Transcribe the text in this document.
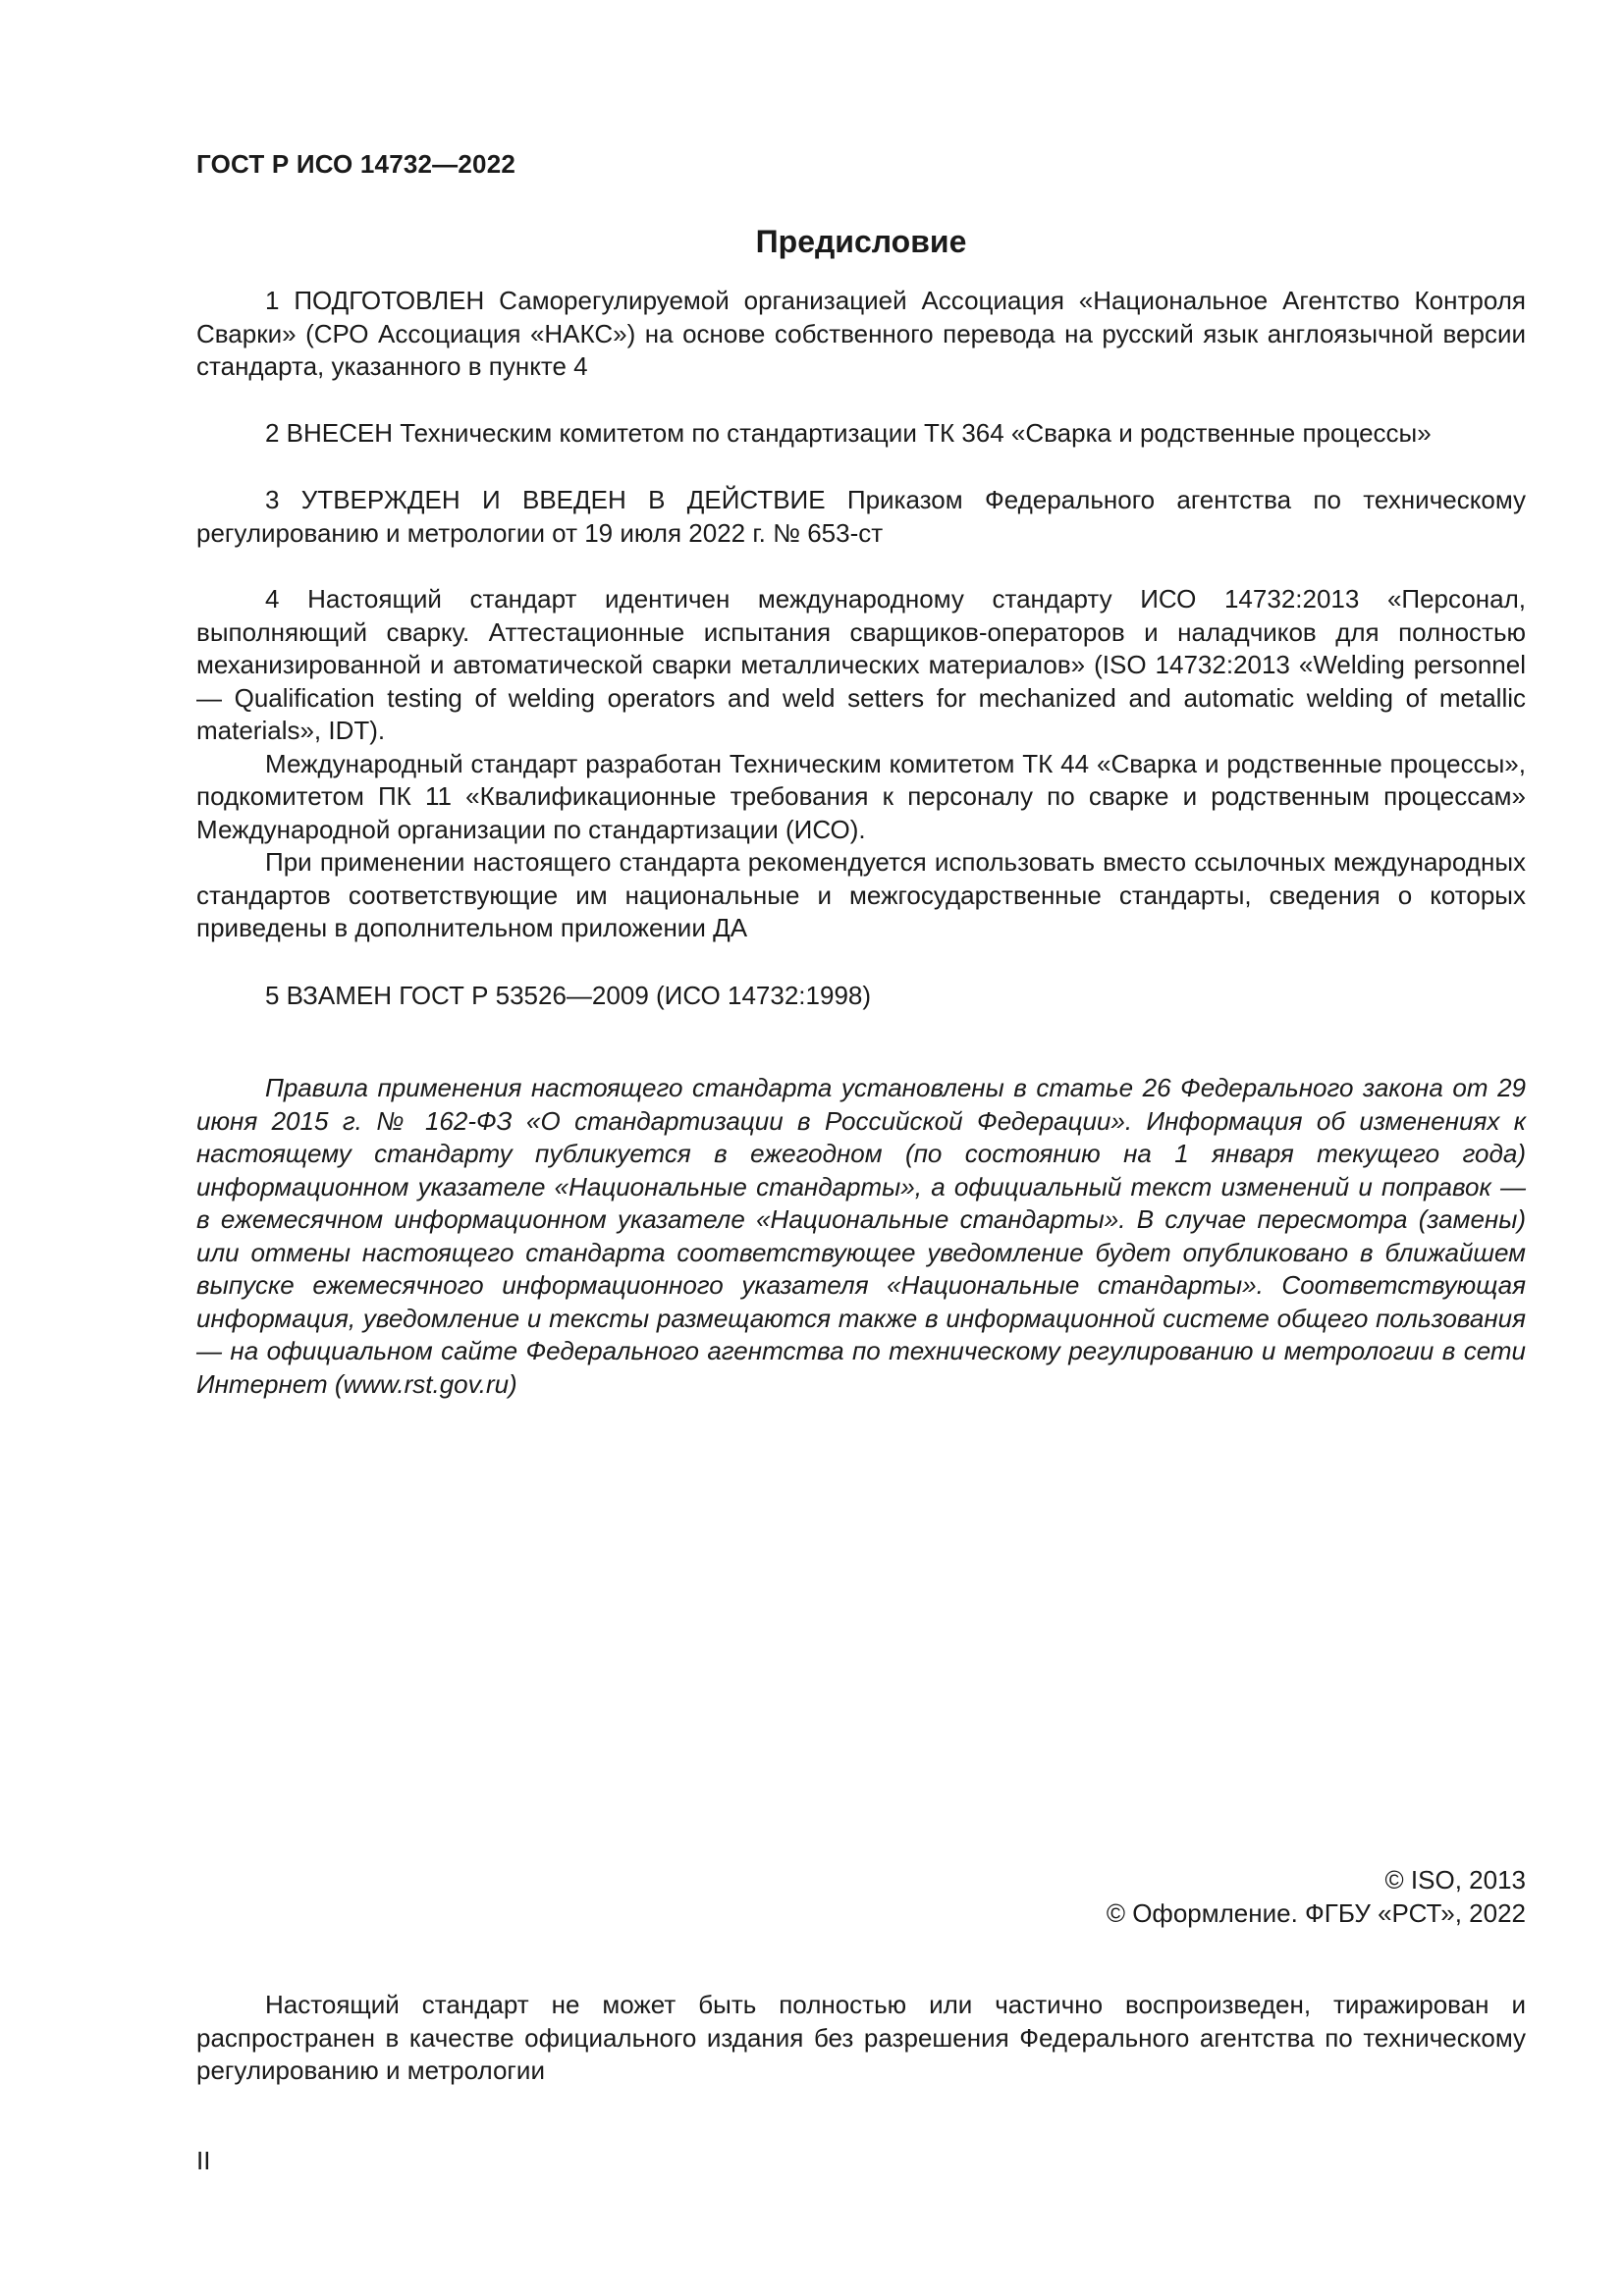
ГОСТ Р ИСО 14732—2022
Предисловие

1 ПОДГОТОВЛЕН Саморегулируемой организацией Ассоциация «Национальное Агентство Контроля Сварки» (СРО Ассоциация «НАКС») на основе собственного перевода на русский язык англоязычной версии стандарта, указанного в пункте 4

2 ВНЕСЕН Техническим комитетом по стандартизации ТК 364 «Сварка и родственные процессы»

3 УТВЕРЖДЕН И ВВЕДЕН В ДЕЙСТВИЕ Приказом Федерального агентства по техническому регулированию и метрологии от 19 июля 2022 г. № 653-ст

4 Настоящий стандарт идентичен международному стандарту ИСО 14732:2013 «Персонал, выполняющий сварку. Аттестационные испытания сварщиков-операторов и наладчиков для полностью механизированной и автоматической сварки металлических материалов» (ISO 14732:2013 «Welding personnel — Qualification testing of welding operators and weld setters for mechanized and automatic welding of metallic materials», IDT).

Международный стандарт разработан Техническим комитетом ТК 44 «Сварка и родственные процессы», подкомитетом ПК 11 «Квалификационные требования к персоналу по сварке и родственным процессам» Международной организации по стандартизации (ИСО).

При применении настоящего стандарта рекомендуется использовать вместо ссылочных международных стандартов соответствующие им национальные и межгосударственные стандарты, сведения о которых приведены в дополнительном приложении ДА

5 ВЗАМЕН ГОСТ Р 53526—2009 (ИСО 14732:1998)

Правила применения настоящего стандарта установлены в статье 26 Федерального закона от 29 июня 2015 г. № 162-ФЗ «О стандартизации в Российской Федерации». Информация об изменениях к настоящему стандарту публикуется в ежегодном (по состоянию на 1 января текущего года) информационном указателе «Национальные стандарты», а официальный текст изменений и поправок — в ежемесячном информационном указателе «Национальные стандарты». В случае пересмотра (замены) или отмены настоящего стандарта соответствующее уведомление будет опубликовано в ближайшем выпуске ежемесячного информационного указателя «Национальные стандарты». Соответствующая информация, уведомление и тексты размещаются также в информационной системе общего пользования — на официальном сайте Федерального агентства по техническому регулированию и метрологии в сети Интернет (www.rst.gov.ru)

© ISO, 2013
© Оформление. ФГБУ «РСТ», 2022

Настоящий стандарт не может быть полностью или частично воспроизведен, тиражирован и распространен в качестве официального издания без разрешения Федерального агентства по техническому регулированию и метрологии

II
